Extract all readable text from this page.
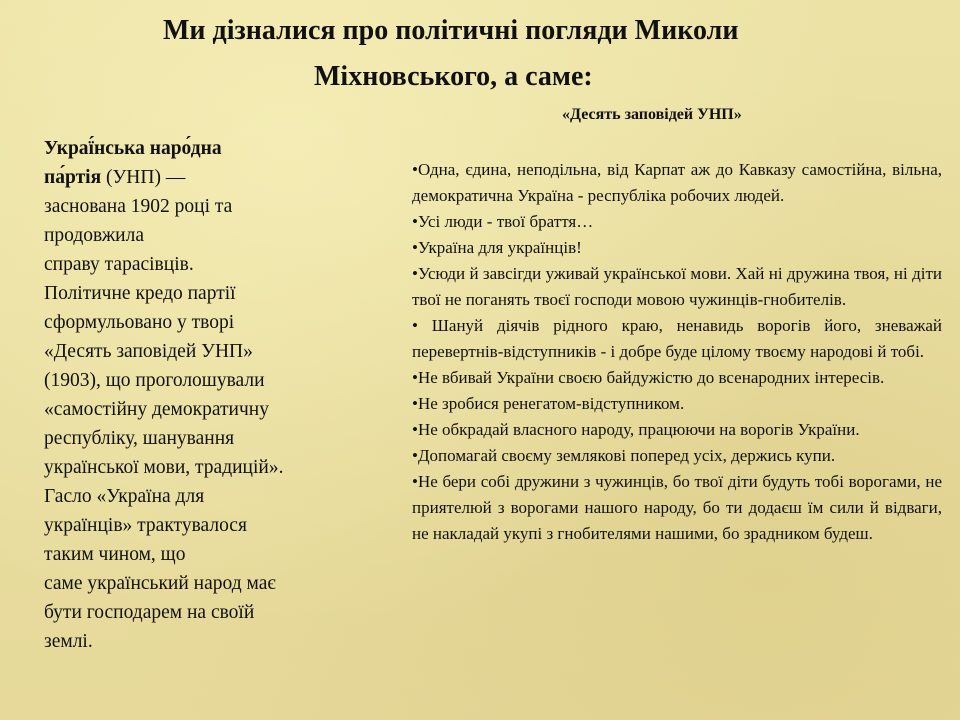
Ми дізналися про політичні погляди Миколи
Міхновського, а саме:
Украї́нська наро́дна
па́ртія (УНП) —
заснована 1902 році та
продовжила
справу тарасівців.
Політичне кредо партії
сформульовано у творі
«Десять заповідей УНП»
(1903), що проголошували
«самостійну демократичну
республіку, шанування
української мови, традицій».
Гасло «Україна для
українців» трактувалося
таким чином, що
саме український народ має
бути господарем на своїй
землі.
«Десять заповідей УНП»

•Одна, єдина, неподільна, від Карпат аж до Кавказу самостійна, вільна, демократична Україна - республіка робочих людей.

•Усі люди - твої браття…

•Україна для українців!

•Усюди й завсігди уживай української мови. Хай ні дружина твоя, ні діти твої не поганять твоєї господи мовою чужинців-гнобителів.

• Шануй діячів рідного краю, ненавидь ворогів його, зневажай перевертнів-відступників - і добре буде цілому твоєму народові й тобі.

•Не вбивай України своєю байдужістю до всенародних інтересів.

•Не зробися ренегатом-відступником.

•Не обкрадай власного народу, працюючи на ворогів України.

•Допомагай своєму землякові поперед усіх, держись купи.

•Не бери собі дружини з чужинців, бо твої діти будуть тобі ворогами, не приятелюй з ворогами нашого народу, бо ти додаєш їм сили й відваги, не накладай укупі з гнобителями нашими, бо зрадником будеш.
